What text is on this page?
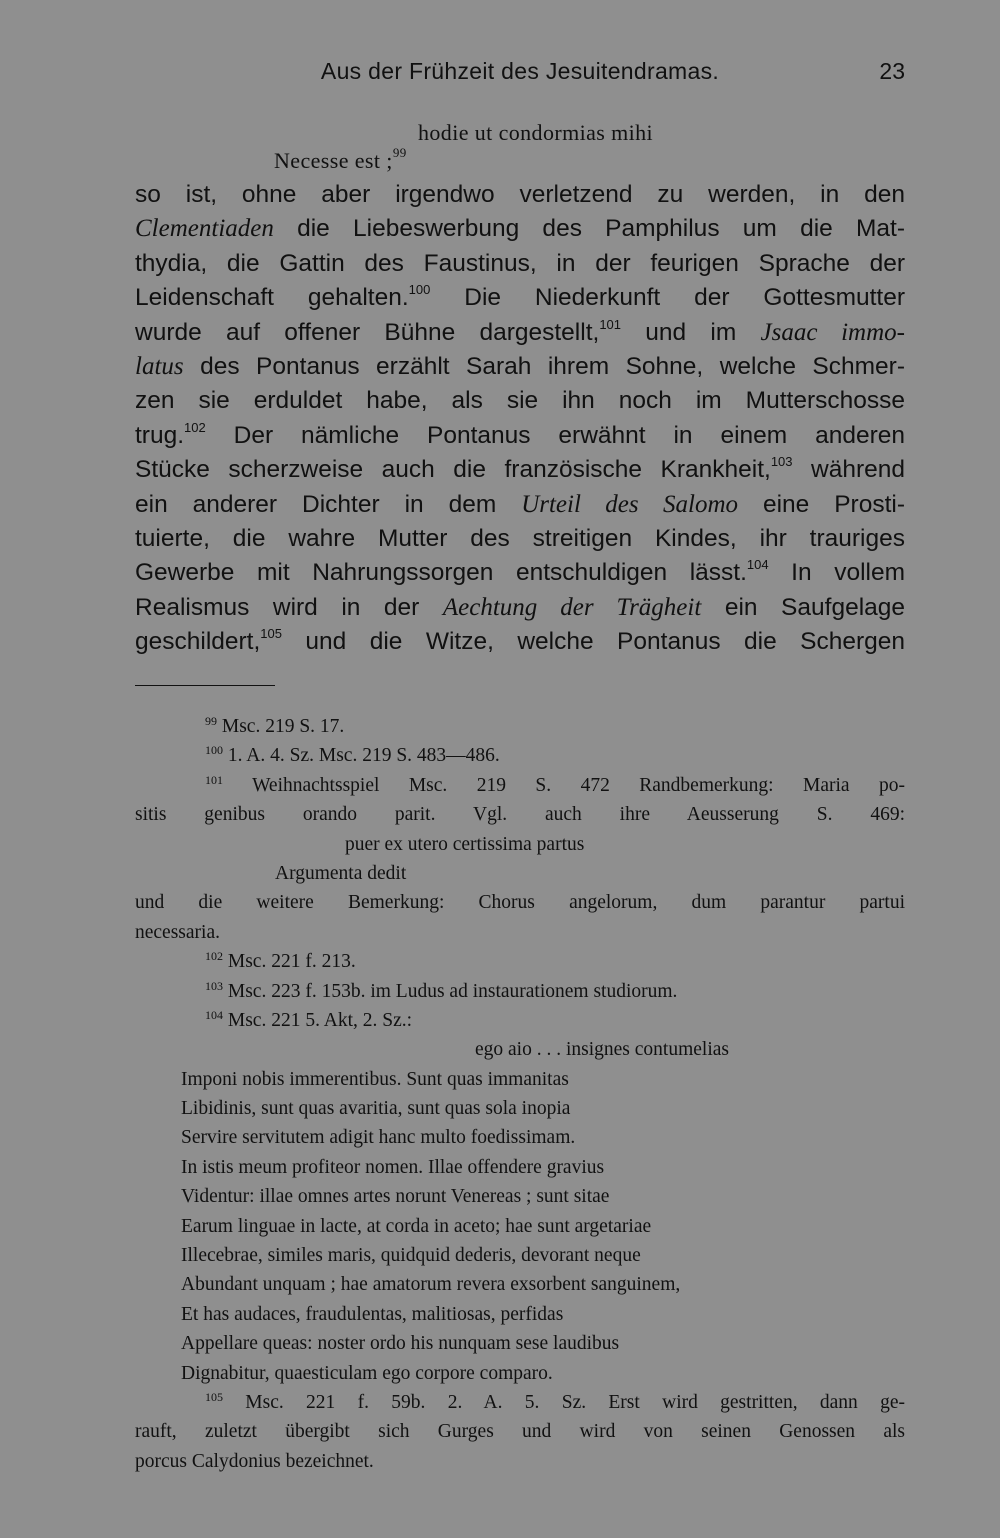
Aus der Frühzeit des Jesuitendramas.	23
hodie ut condormias mihi
Necesse est ;$^{99}$
so ist, ohne aber irgendwo verletzend zu werden, in den
Clementiaden die Liebeswerbung des Pamphilus um die Mat-
thydia, die Gattin des Faustinus, in der feurigen Sprache der
Leidenschaft gehalten.$^{100}$ Die Niederkunft der Gottesmutter
wurde auf offener Bühne dargestellt,$^{101}$ und im Jsaac immo-
latus des Pontanus erzählt Sarah ihrem Sohne, welche Schmer-
zen sie erduldet habe, als sie ihn noch im Mutterschosse
trug.$^{102}$ Der nämliche Pontanus erwähnt in einem anderen
Stücke scherzweise auch die französische Krankheit,$^{103}$ während
ein anderer Dichter in dem Urteil des Salomo eine Prosti-
tuierte, die wahre Mutter des streitigen Kindes, ihr trauriges
Gewerbe mit Nahrungssorgen entschuldigen lässt.$^{104}$ In vollem
Realismus wird in der Aechtung der Trägheit ein Saufgelage
geschildert,$^{105}$ und die Witze, welche Pontanus die Schergen
$^{99}$ Msc. 219 S. 17.
$^{100}$ 1. A. 4. Sz. Msc. 219 S. 483—486.
$^{101}$ Weihnachtsspiel Msc. 219 S. 472 Randbemerkung: Maria po-
sitis genibus orando parit. Vgl. auch ihre Aeusserung S. 469:
puer ex utero certissima partus
Argumenta dedit
und die weitere Bemerkung: Chorus angelorum, dum parantur partui
necessaria.
$^{102}$ Msc. 221 f. 213.
$^{103}$ Msc. 223 f. 153b. im Ludus ad instaurationem studiorum.
$^{104}$ Msc. 221 5. Akt, 2. Sz.:
ego aio . . . insignes contumelias
Imponi nobis immerentibus. Sunt quas immanitas
Libidinis, sunt quas avaritia, sunt quas sola inopia
Servire servitutem adigit hanc multo foedissimam.
In istis meum profiteor nomen. Illae offendere gravius
Videntur: illae omnes artes norunt Venereas ; sunt sitae
Earum linguae in lacte, at corda in aceto; hae sunt argetariae
Illecebrae, similes maris, quidquid dederis, devorant neque
Abundant unquam ; hae amatorum revera exsorbent sanguinem,
Et has audaces, fraudulentas, malitiosas, perfidas
Appellare queas: noster ordo his nunquam sese laudibus
Dignabitur, quaesticulam ego corpore comparo.
$^{105}$ Msc. 221 f. 59b. 2. A. 5. Sz. Erst wird gestritten, dann ge-
rauft, zuletzt übergibt sich Gurges und wird von seinen Genossen als
porcus Calydonius bezeichnet.
